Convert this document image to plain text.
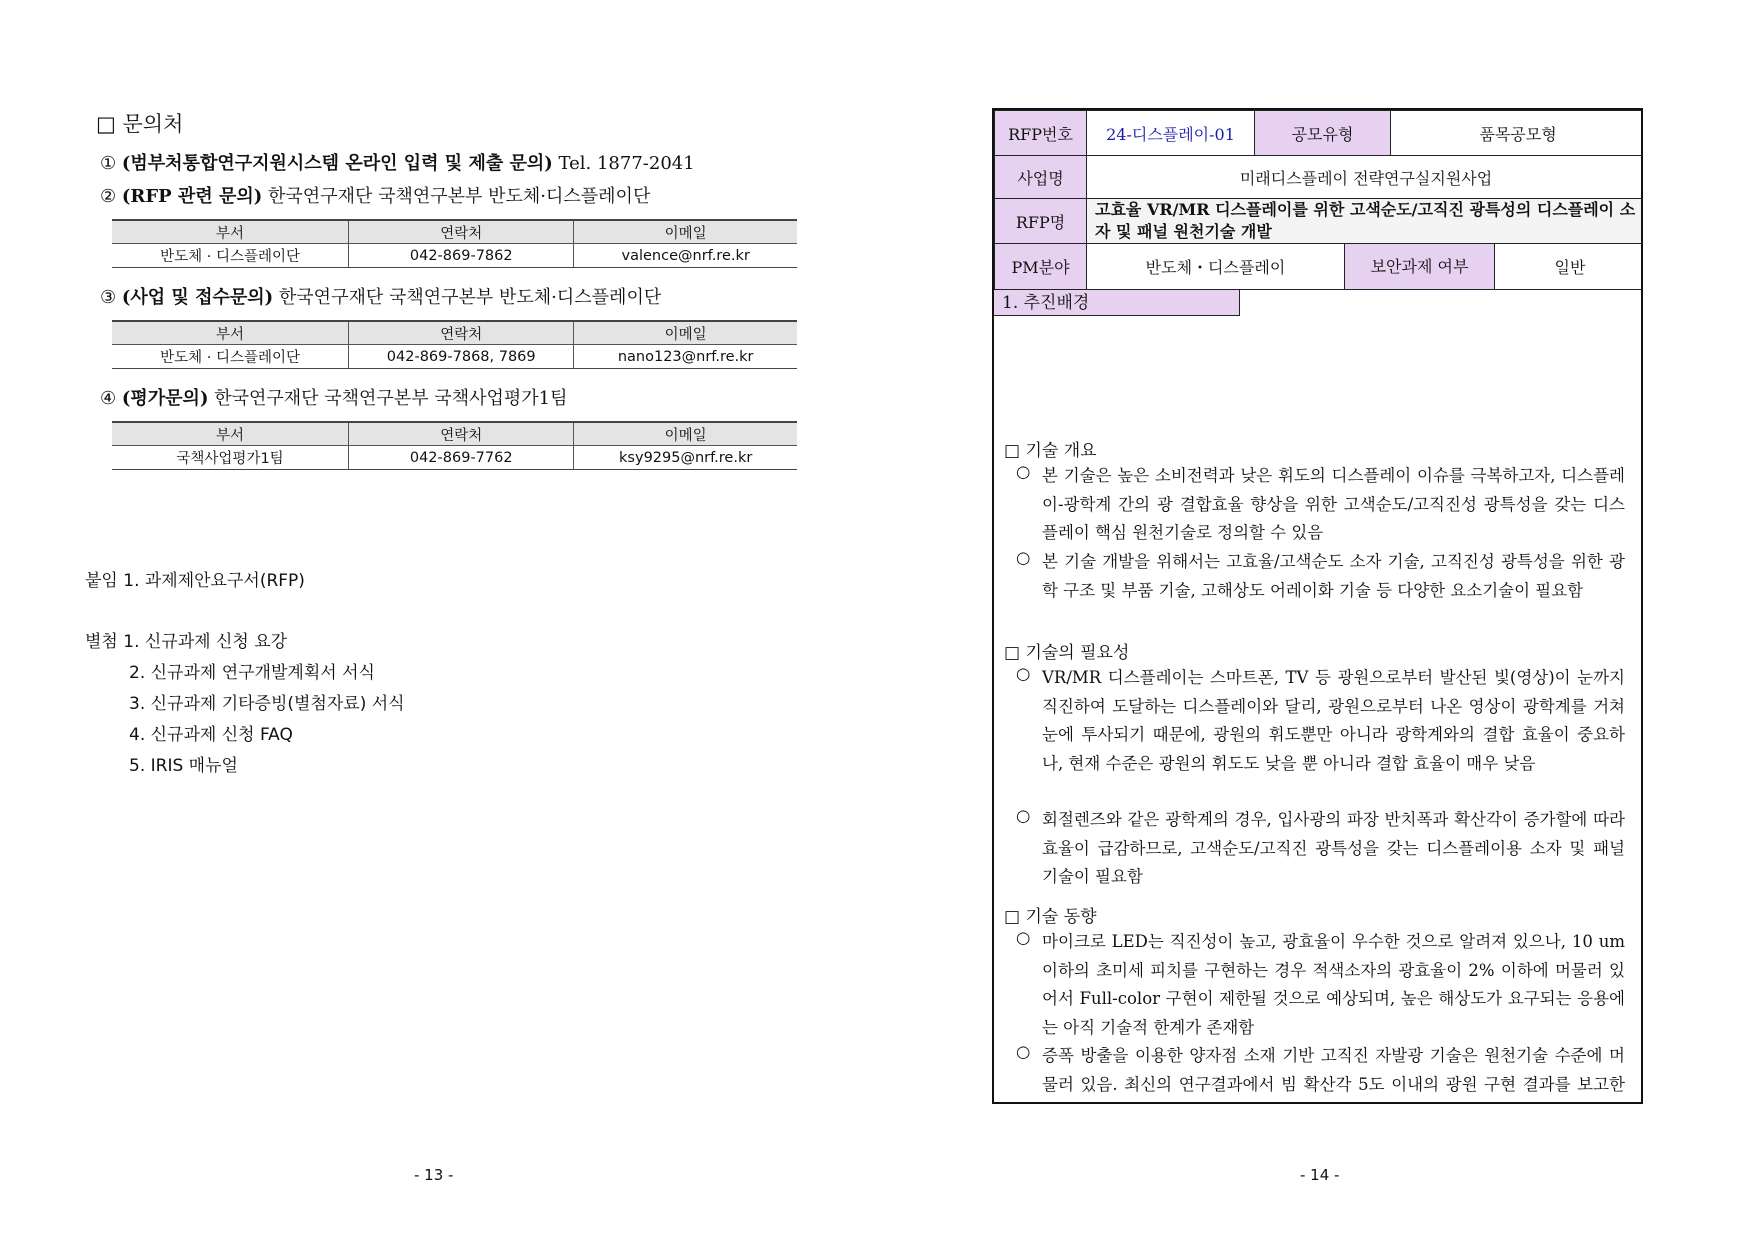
□ 문의처
① (범부처통합연구지원시스템 온라인 입력 및 제출 문의) Tel. 1877-2041
② (RFP 관련 문의) 한국연구재단 국책연구본부 반도체·디스플레이단
부서	연락처	이메일
반도체 · 디스플레이단	042-869-7862	valence@nrf.re.kr
③ (사업 및 접수문의) 한국연구재단 국책연구본부 반도체·디스플레이단
부서	연락처	이메일
반도체 · 디스플레이단	042-869-7868, 7869	nano123@nrf.re.kr
④ (평가문의) 한국연구재단 국책연구본부 국책사업평가1팀
부서	연락처	이메일
국책사업평가1팀	042-869-7762	ksy9295@nrf.re.kr
붙임 1. 과제제안요구서(RFP)
별첨 1. 신규과제 신청 요강
2. 신규과제 연구개발계획서 서식
3. 신규과제 기타증빙(별첨자료) 서식
4. 신규과제 신청 FAQ
5. IRIS 매뉴얼
- 13 -
RFP번호	24-디스플레이-01	공모유형		품목공모형	
사업명	미래디스플레이 전략연구실지원사업				
RFP명	고효율 VR/MR 디스플레이를 위한 고색순도/고직진 광특성의 디스플레이 소자 및 패널 원천기술 개발				
PM분야	반도체・디스플레이		보안과제 여부		일반
1. 추진배경
□ 기술 개요
○ 본 기술은 높은 소비전력과 낮은 휘도의 디스플레이 이슈를 극복하고자, 디스플레이-광학계 간의 광 결합효율 향상을 위한 고색순도/고직진성 광특성을 갖는 디스플레이 핵심 원천기술로 정의할 수 있음
○ 본 기술 개발을 위해서는 고효율/고색순도 소자 기술, 고직진성 광특성을 위한 광학 구조 및 부품 기술, 고해상도 어레이화 기술 등 다양한 요소기술이 필요함
□ 기술의 필요성
○ VR/MR 디스플레이는 스마트폰, TV 등 광원으로부터 발산된 빛(영상)이 눈까지 직진하여 도달하는 디스플레이와 달리, 광원으로부터 나온 영상이 광학계를 거쳐 눈에 투사되기 때문에, 광원의 휘도뿐만 아니라 광학계와의 결합 효율이 중요하나, 현재 수준은 광원의 휘도도 낮을 뿐 아니라 결합 효율이 매우 낮음
○ 회절렌즈와 같은 광학계의 경우, 입사광의 파장 반치폭과 확산각이 증가할에 따라 효율이 급감하므로, 고색순도/고직진 광특성을 갖는 디스플레이용 소자 및 패널 기술이 필요함
□ 기술 동향
○ 마이크로 LED는 직진성이 높고, 광효율이 우수한 것으로 알려져 있으나, 10 um이하의 초미세 피치를 구현하는 경우 적색소자의 광효율이 2% 이하에 머물러 있어서 Full-color 구현이 제한될 것으로 예상되며, 높은 해상도가 요구되는 응용에는 아직 기술적 한계가 존재함
○ 증폭 방출을 이용한 양자점 소재 기반 고직진 자발광 기술은 원천기술 수준에 머물러 있음. 최신의 연구결과에서 빔 확산각 5도 이내의 광원 구현 결과를 보고한
- 14 -
